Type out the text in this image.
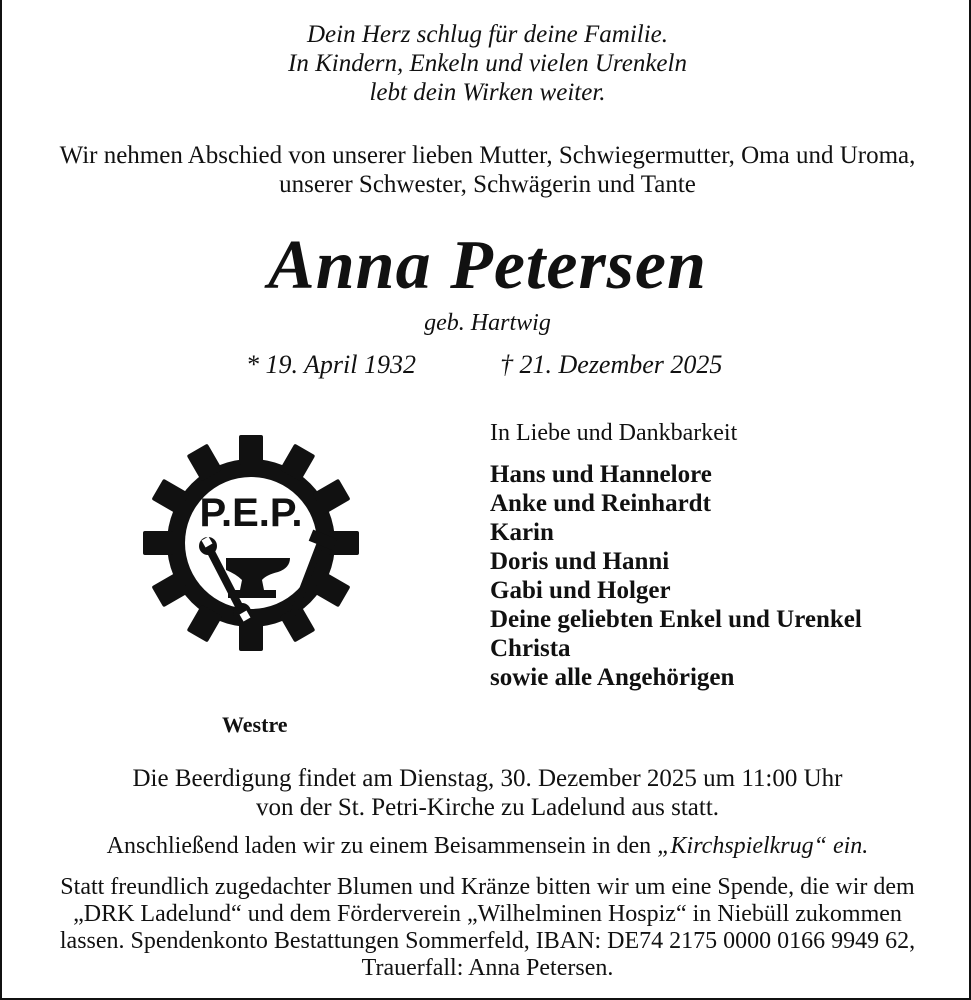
Dein Herz schlug für deine Familie.
In Kindern, Enkeln und vielen Urenkeln
lebt dein Wirken weiter.
Wir nehmen Abschied von unserer lieben Mutter, Schwiegermutter, Oma und Uroma,
unserer Schwester, Schwägerin und Tante
Anna Petersen
geb. Hartwig
* 19. April 1932	† 21. Dezember 2025
P.E.P.
Westre
In Liebe und Dankbarkeit
Hans und Hannelore
Anke und Reinhardt
Karin
Doris und Hanni
Gabi und Holger
Deine geliebten Enkel und Urenkel
Christa
sowie alle Angehörigen
Die Beerdigung findet am Dienstag, 30. Dezember 2025 um 11:00 Uhr
von der St. Petri-Kirche zu Ladelund aus statt.
Anschließend laden wir zu einem Beisammensein in den „Kirchspielkrug“ ein.
Statt freundlich zugedachter Blumen und Kränze bitten wir um eine Spende, die wir dem
„DRK Ladelund“ und dem Förderverein „Wilhelminen Hospiz“ in Niebüll zukommen
lassen. Spendenkonto Bestattungen Sommerfeld, IBAN: DE74 2175 0000 0166 9949 62,
Trauerfall: Anna Petersen.
